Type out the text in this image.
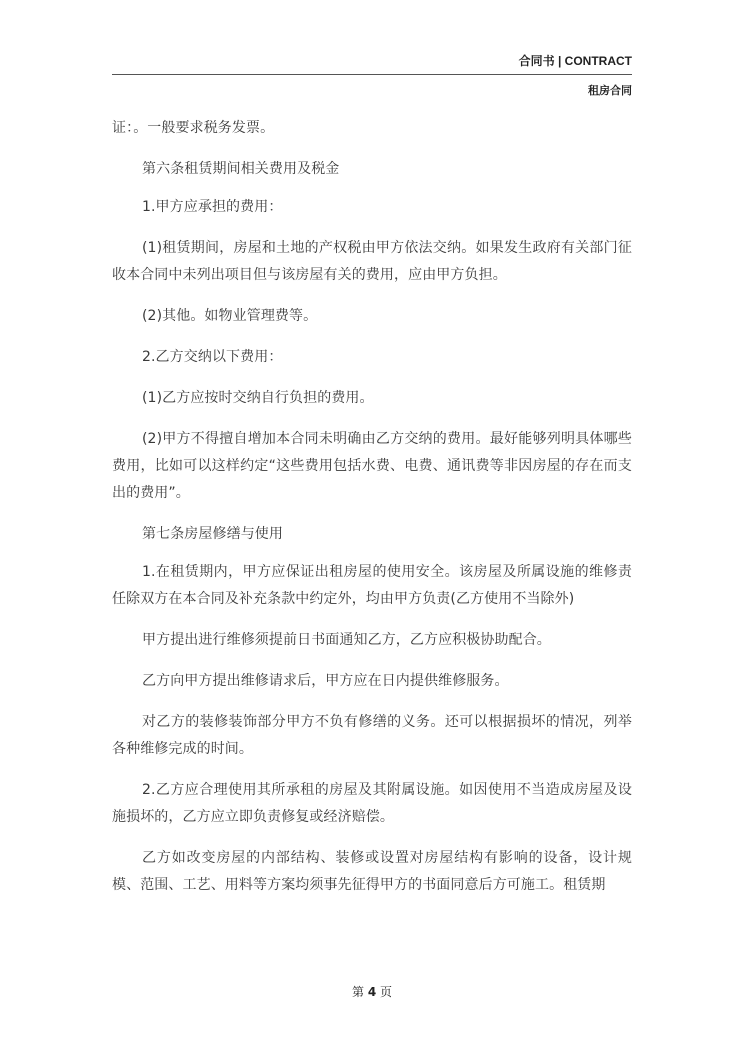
合同书 | CONTRACT
租房合同

证：。一般要求税务发票。

第六条租赁期间相关费用及税金

1.甲方应承担的费用：

(1)租赁期间，房屋和土地的产权税由甲方依法交纳。如果发生政府有关部门征收本合同中未列出项目但与该房屋有关的费用，应由甲方负担。

(2)其他。如物业管理费等。

2.乙方交纳以下费用：

(1)乙方应按时交纳自行负担的费用。

(2)甲方不得擅自增加本合同未明确由乙方交纳的费用。最好能够列明具体哪些费用，比如可以这样约定“这些费用包括水费、电费、通讯费等非因房屋的存在而支出的费用”。

第七条房屋修缮与使用

1.在租赁期内，甲方应保证出租房屋的使用安全。该房屋及所属设施的维修责任除双方在本合同及补充条款中约定外，均由甲方负责(乙方使用不当除外)

甲方提出进行维修须提前日书面通知乙方，乙方应积极协助配合。

乙方向甲方提出维修请求后，甲方应在日内提供维修服务。

对乙方的装修装饰部分甲方不负有修缮的义务。还可以根据损坏的情况，列举各种维修完成的时间。

2.乙方应合理使用其所承租的房屋及其附属设施。如因使用不当造成房屋及设施损坏的，乙方应立即负责修复或经济赔偿。

乙方如改变房屋的内部结构、装修或设置对房屋结构有影响的设备，设计规模、范围、工艺、用料等方案均须事先征得甲方的书面同意后方可施工。租赁期

第 4 页
